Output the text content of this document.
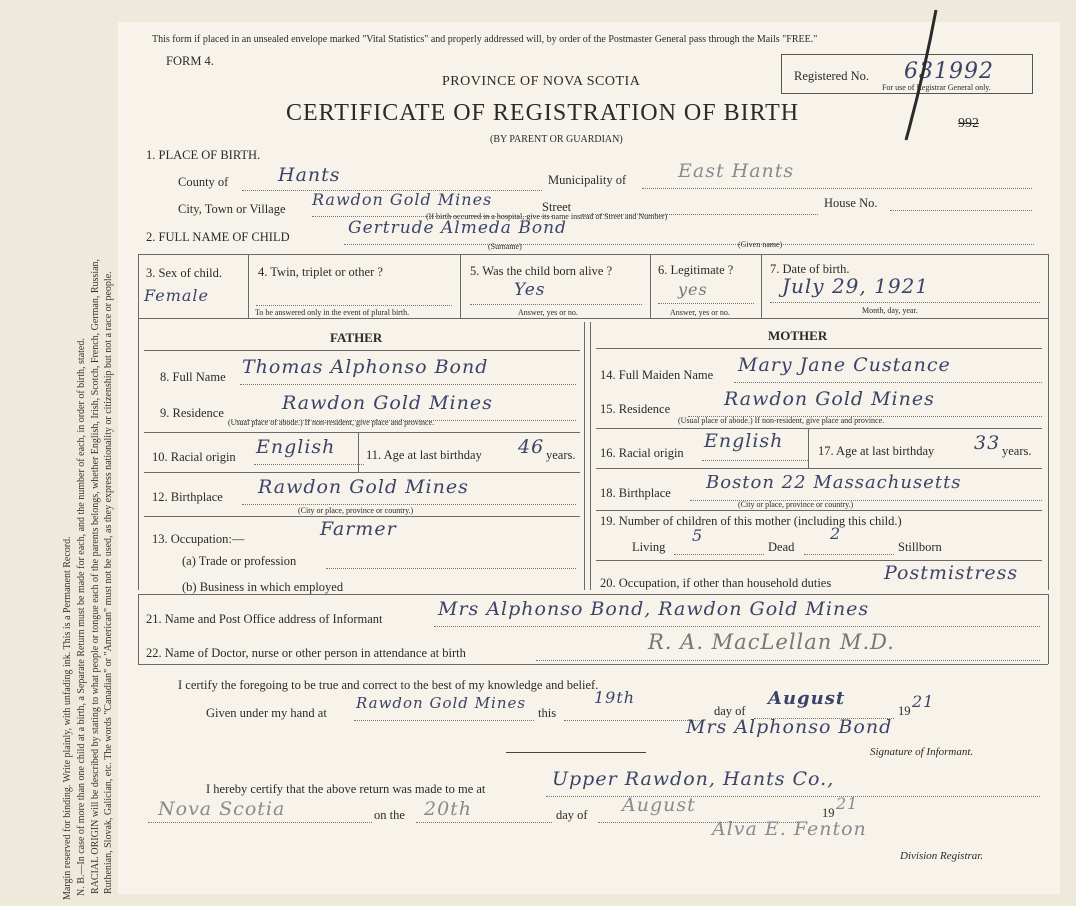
Margin reserved for binding. Write plainly, with unfading ink. This is a Permanent Record. N. B.—In case of more than one child at a birth, a Separate Return must be made for each, and the number of each, in order of birth, stated. RACIAL ORIGIN will be described by stating to what people or tongue each of the parents belongs, whether English, Irish, Scotch, French, German, Russian, Ruthenian, Slovak, Galician, etc. The words "Canadian" or "American" must not be used, as they express nationality or citizenship but not a race or people.
This form if placed in an unsealed envelope marked "Vital Statistics" and properly addressed will, by order of the Postmaster General pass through the Mails "FREE."
FORM 4.
PROVINCE OF NOVA SCOTIA
CERTIFICATE OF REGISTRATION OF BIRTH
(BY PARENT OR GUARDIAN)
Registered No. 631992
For use of Registrar General only.
992
1. PLACE OF BIRTH.
County of	Hants	Municipality of	East Hants
City, Town or Village Rawdon Gold Mines	Street	House No.
(If birth occurred in a hospital, give its name instead of Street and Number)
2. FULL NAME OF CHILD	Gertrude Almeda Bond
(Surname)	(Given name)
3. Sex of child.
Female
4. Twin, triplet or other ?
To be answered only in the event of plural birth.
5. Was the child born alive ?
Yes
Answer, yes or no.
6. Legitimate ?
yes
Answer, yes or no.
7. Date of birth.
July 29, 1921
Month, day, year.
FATHER	MOTHER
8. Full Name Thomas Alphonso Bond
9. Residence	Rawdon Gold Mines
(Usual place of abode.) If non-resident, give place and province.
10. Racial origin English 11. Age at last birthday 46 years.
12. Birthplace Rawdon Gold Mines
(City or place, province or country.)
13. Occupation:—	Farmer
(a) Trade or profession
(b) Business in which employed
14. Full Maiden Name Mary Jane Custance
15. Residence	Rawdon Gold Mines
(Usual place of abode.) If non-resident, give place and province.
16. Racial origin
English	17. Age at last birthday 33 years.
18. Birthplace Boston 22 Massachusetts
(City or place, province or country.)
19. Number of children of this mother (including this child.)
Living
5
Dead
2
Stillborn
20. Occupation, if other than household duties	Postmistress
21. Name and Post Office address of Informant	Mrs Alphonso Bond, Rawdon Gold Mines
22. Name of Doctor, nurse or other person in attendance at birth	R. A. MacLellan M.D.
I certify the foregoing to be true and correct to the best of my knowledge and belief.
Given under my hand at
Rawdon Gold Mines
this
19th
day of
August
19 21
Mrs Alphonso Bond
Signature of Informant.
I hereby certify that the above return was made to me at	Upper Rawdon, Hants Co.,
Nova Scotia	on the 20th	day of August	19 21
Alva E. Fenton
Division Registrar.
